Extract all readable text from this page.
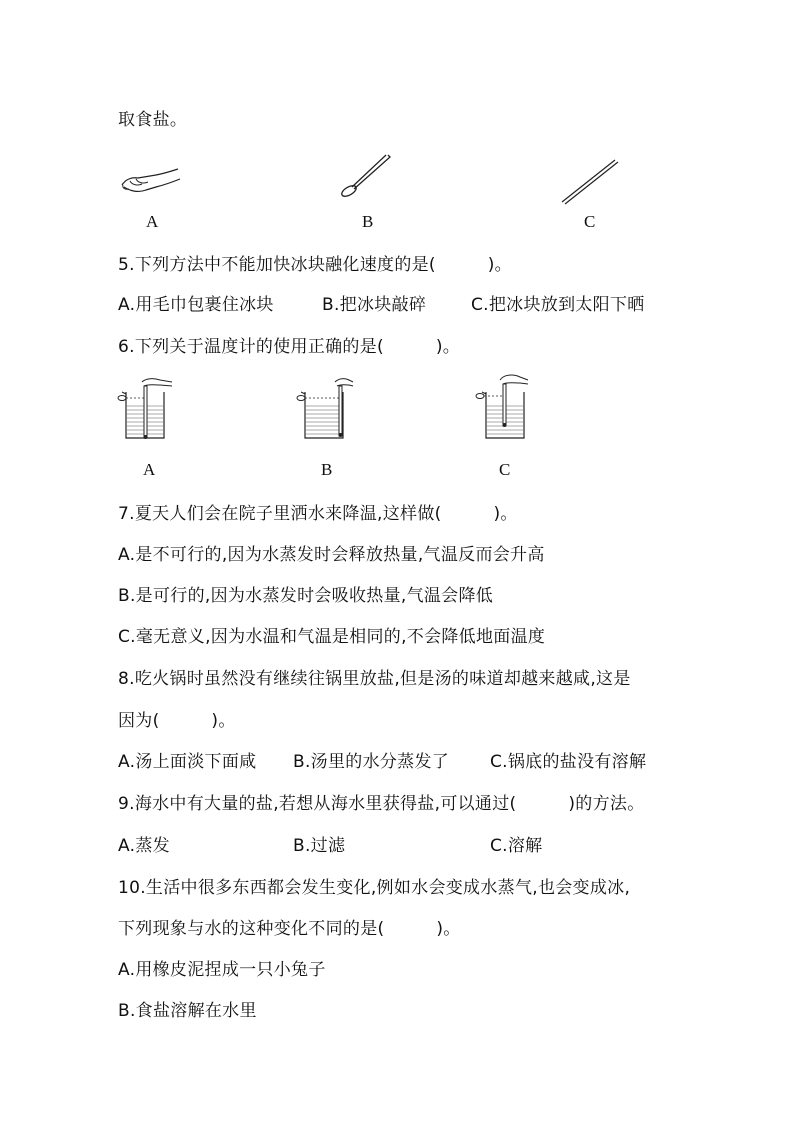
取食盐。
A	B	C
5.下列方法中不能加快冰块融化速度的是(　　　)。
A.用毛巾包裹住冰块	B.把冰块敲碎	C.把冰块放到太阳下晒
6.下列关于温度计的使用正确的是(　　　)。
A	B	C
7.夏天人们会在院子里洒水来降温,这样做(　　　)。
A.是不可行的,因为水蒸发时会释放热量,气温反而会升高
B.是可行的,因为水蒸发时会吸收热量,气温会降低
C.毫无意义,因为水温和气温是相同的,不会降低地面温度
8.吃火锅时虽然没有继续往锅里放盐,但是汤的味道却越来越咸,这是
因为(　　　)。
A.汤上面淡下面咸 B.汤里的水分蒸发了 C.锅底的盐没有溶解
9.海水中有大量的盐,若想从海水里获得盐,可以通过(　　　)的方法。
A.蒸发	B.过滤	C.溶解
10.生活中很多东西都会发生变化,例如水会变成水蒸气,也会变成冰,
下列现象与水的这种变化不同的是(　　　)。
A.用橡皮泥捏成一只小兔子
B.食盐溶解在水里
